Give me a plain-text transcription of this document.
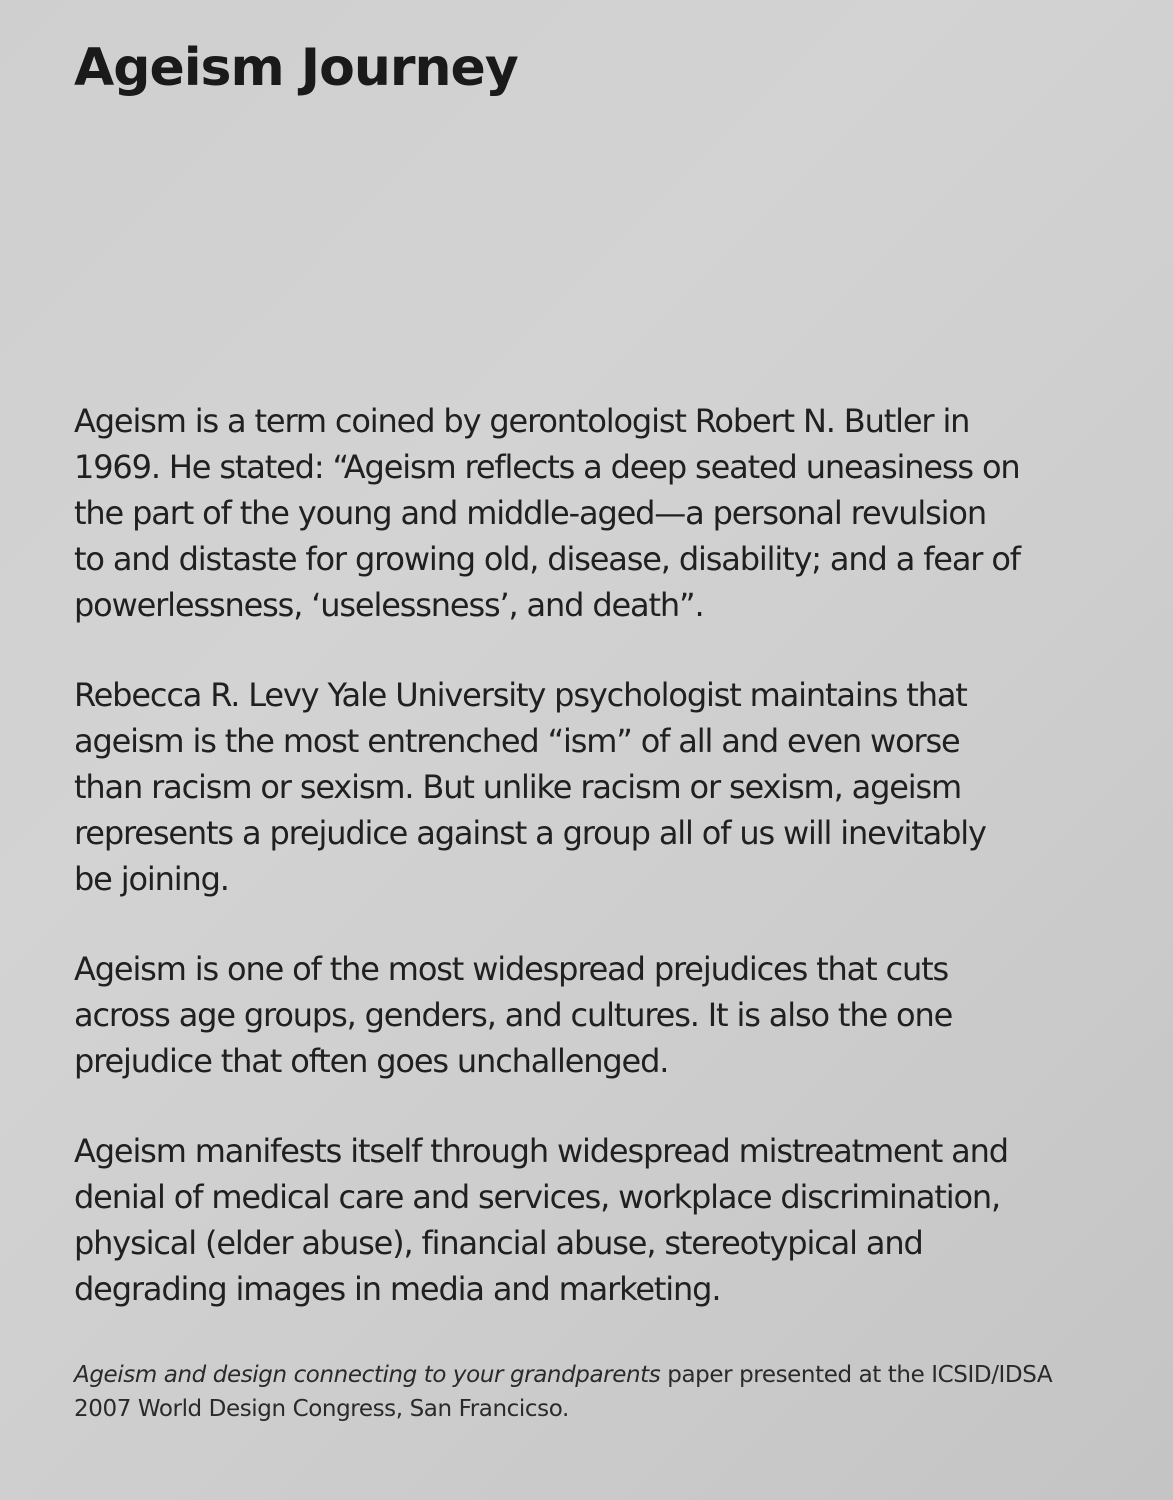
Ageism Journey

Ageism is a term coined by gerontologist Robert N. Butler in
1969. He stated: “Ageism reflects a deep seated uneasiness on
the part of the young and middle-aged—a personal revulsion
to and distaste for growing old, disease, disability; and a fear of
powerlessness, ‘uselessness’, and death”.

Rebecca R. Levy Yale University psychologist maintains that
ageism is the most entrenched “ism” of all and even worse
than racism or sexism. But unlike racism or sexism, ageism
represents a prejudice against a group all of us will inevitably
be joining.

Ageism is one of the most widespread prejudices that cuts
across age groups, genders, and cultures. It is also the one
prejudice that often goes unchallenged.

Ageism manifests itself through widespread mistreatment and
denial of medical care and services, workplace discrimination,
physical (elder abuse), financial abuse, stereotypical and
degrading images in media and marketing.

Ageism and design connecting to your grandparents paper presented at the ICSID/IDSA
2007 World Design Congress, San Francicso.
